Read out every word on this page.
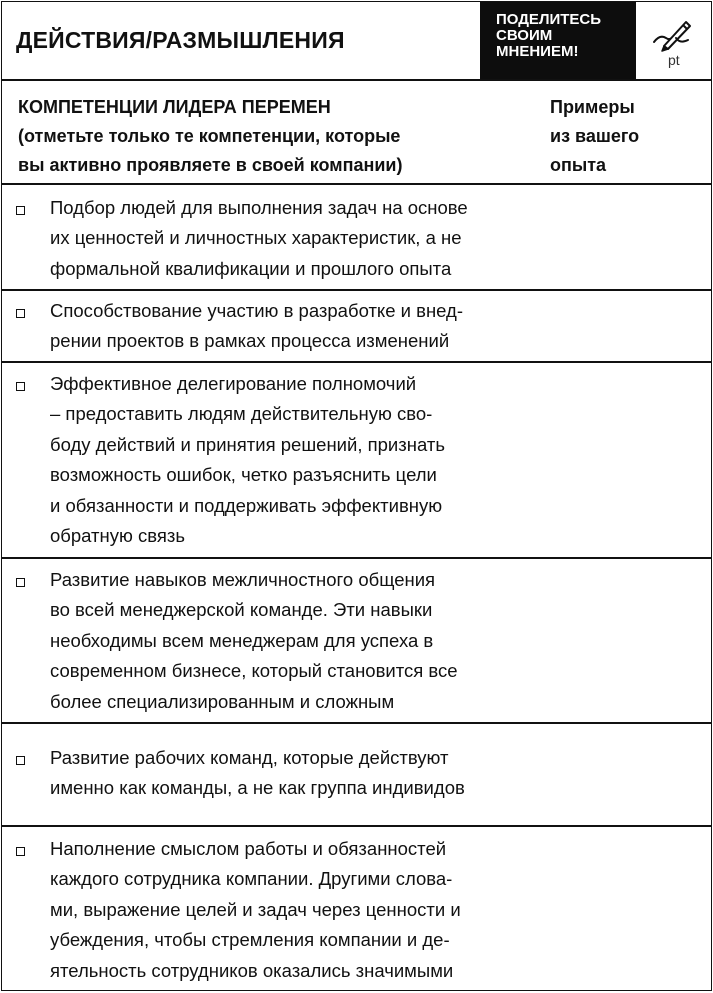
ДЕЙСТВИЯ/РАЗМЫШЛЕНИЯ
ПОДЕЛИТЕСЬ
СВОИМ
МНЕНИЕМ!	pt
КОМПЕТЕНЦИИ ЛИДЕРА ПЕРЕМЕН
(отметьте только те компетенции, которые
вы активно проявляете в своей компании)
Примеры
из вашего
опыта
Подбор людей для выполнения задач на основе
их ценностей и личностных характеристик, а не
формальной квалификации и прошлого опыта
Способствование участию в разработке и внед-
рении проектов в рамках процесса изменений
Эффективное делегирование полномочий
– предоставить людям действительную сво-
боду действий и принятия решений, признать
возможность ошибок, четко разъяснить цели
и обязанности и поддерживать эффективную
обратную связь
Развитие навыков межличностного общения
во всей менеджерской команде. Эти навыки
необходимы всем менеджерам для успеха в
современном бизнесе, который становится все
более специализированным и сложным
Развитие рабочих команд, которые действуют
именно как команды, а не как группа индивидов
Наполнение смыслом работы и обязанностей
каждого сотрудника компании. Другими слова-
ми, выражение целей и задач через ценности и
убеждения, чтобы стремления компании и де-
ятельность сотрудников оказались значимыми
